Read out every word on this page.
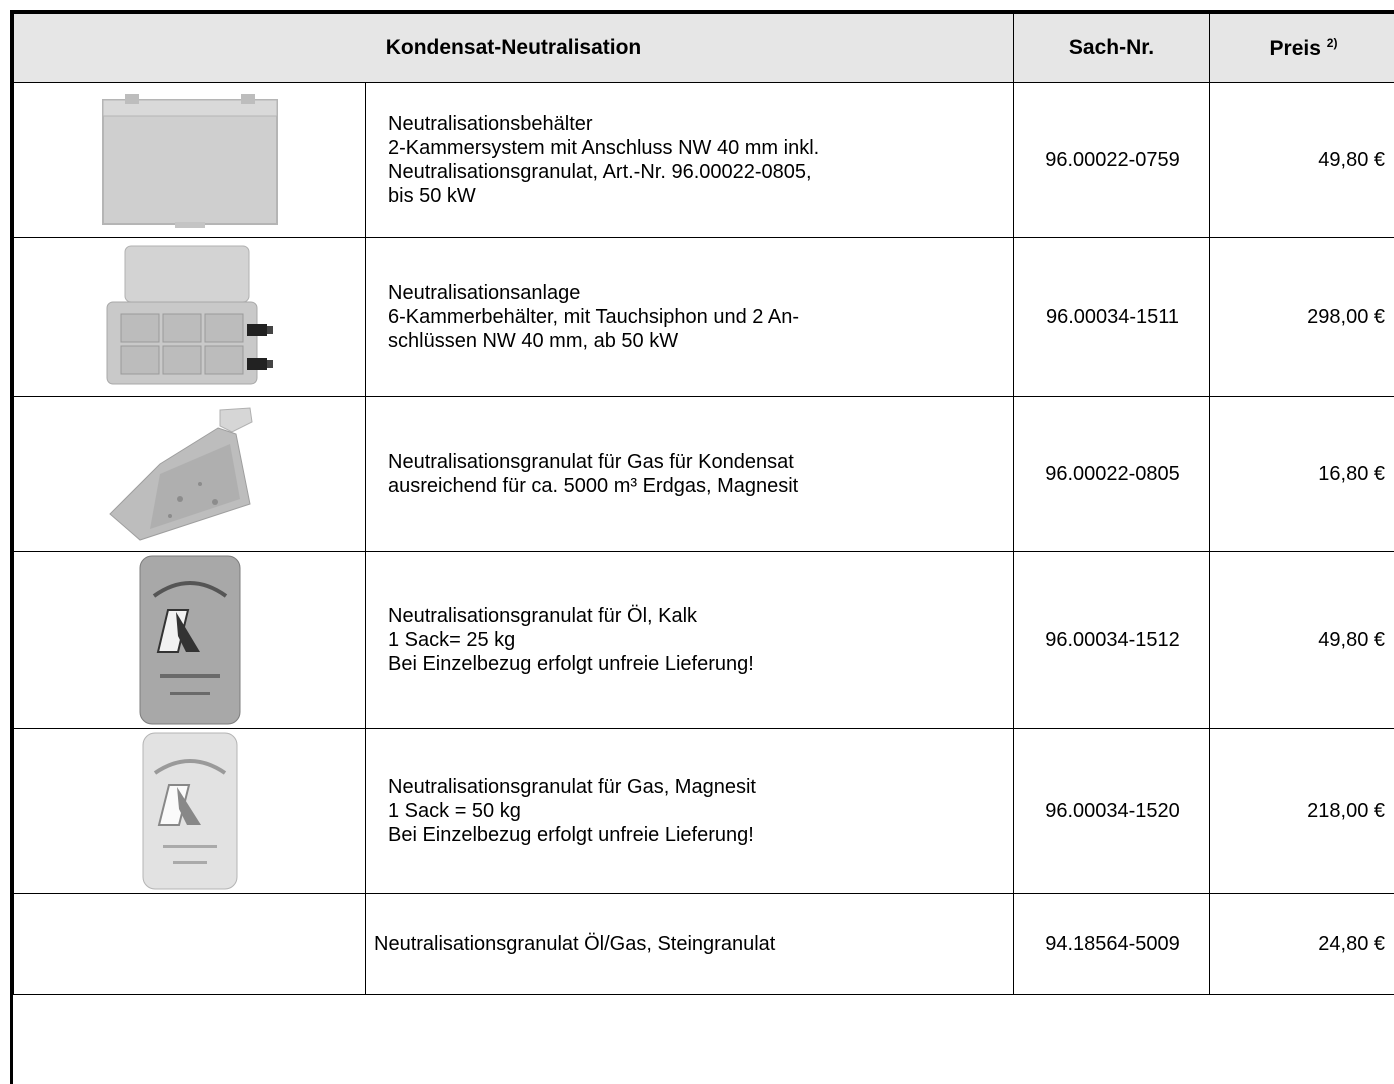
Kondensat-Neutralisation		Sach-Nr.	Preis $^{2)}$

Neutralisationsbehälter
2-Kammersystem mit Anschluss NW 40 mm inkl.
Neutralisationsgranulat, Art.-Nr. 96.00022-0805,
bis 50 kW	96.00022-0759	49,80 €

Neutralisationsanlage
6-Kammerbehälter, mit Tauchsiphon und 2 An-
schlüssen NW 40 mm, ab 50 kW	96.00034-1511	298,00 €

Neutralisationsgranulat für Gas für Kondensat
ausreichend für ca. 5000 m³ Erdgas, Magnesit	96.00022-0805	16,80 €

Neutralisationsgranulat für Öl, Kalk
1 Sack= 25 kg
Bei Einzelbezug erfolgt unfreie Lieferung!	96.00034-1512	49,80 €

Neutralisationsgranulat für Gas, Magnesit
1 Sack = 50 kg
Bei Einzelbezug erfolgt unfreie Lieferung!	96.00034-1520	218,00 €

	Neutralisationsgranulat Öl/Gas, Steingranulat	94.18564-5009	24,80 €
